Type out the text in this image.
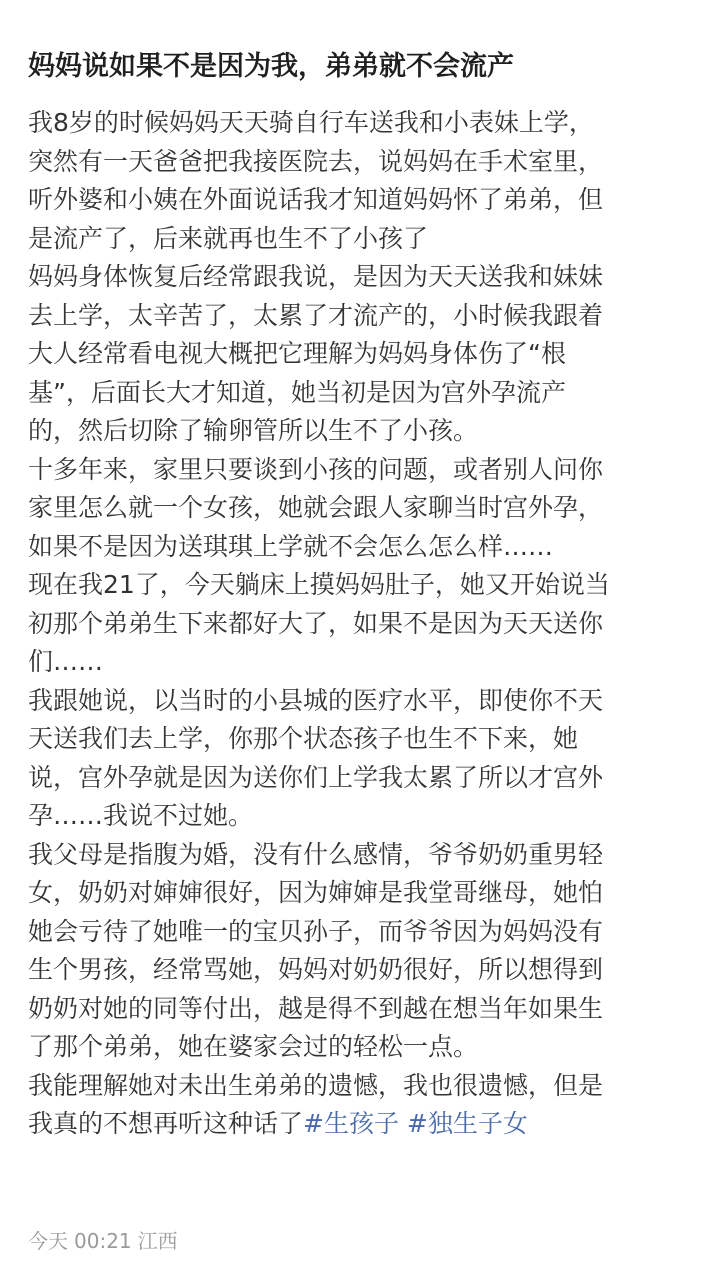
妈妈说如果不是因为我，弟弟就不会流产
我8岁的时候妈妈天天骑自行车送我和小表妹上学，
突然有一天爸爸把我接医院去，说妈妈在手术室里，
听外婆和小姨在外面说话我才知道妈妈怀了弟弟，但
是流产了，后来就再也生不了小孩了
妈妈身体恢复后经常跟我说，是因为天天送我和妹妹
去上学，太辛苦了，太累了才流产的，小时候我跟着
大人经常看电视大概把它理解为妈妈身体伤了“根
基”，后面长大才知道，她当初是因为宫外孕流产
的，然后切除了输卵管所以生不了小孩。
十多年来，家里只要谈到小孩的问题，或者别人问你
家里怎么就一个女孩，她就会跟人家聊当时宫外孕，
如果不是因为送琪琪上学就不会怎么怎么样……
现在我21了，今天躺床上摸妈妈肚子，她又开始说当
初那个弟弟生下来都好大了，如果不是因为天天送你
们……
我跟她说，以当时的小县城的医疗水平，即使你不天
天送我们去上学，你那个状态孩子也生不下来，她
说，宫外孕就是因为送你们上学我太累了所以才宫外
孕……我说不过她。
我父母是指腹为婚，没有什么感情，爷爷奶奶重男轻
女，奶奶对婶婶很好，因为婶婶是我堂哥继母，她怕
她会亏待了她唯一的宝贝孙子，而爷爷因为妈妈没有
生个男孩，经常骂她，妈妈对奶奶很好，所以想得到
奶奶对她的同等付出，越是得不到越在想当年如果生
了那个弟弟，她在婆家会过的轻松一点。
我能理解她对未出生弟弟的遗憾，我也很遗憾，但是
我真的不想再听这种话了#生孩子 #独生子女
今天 00:21 江西
